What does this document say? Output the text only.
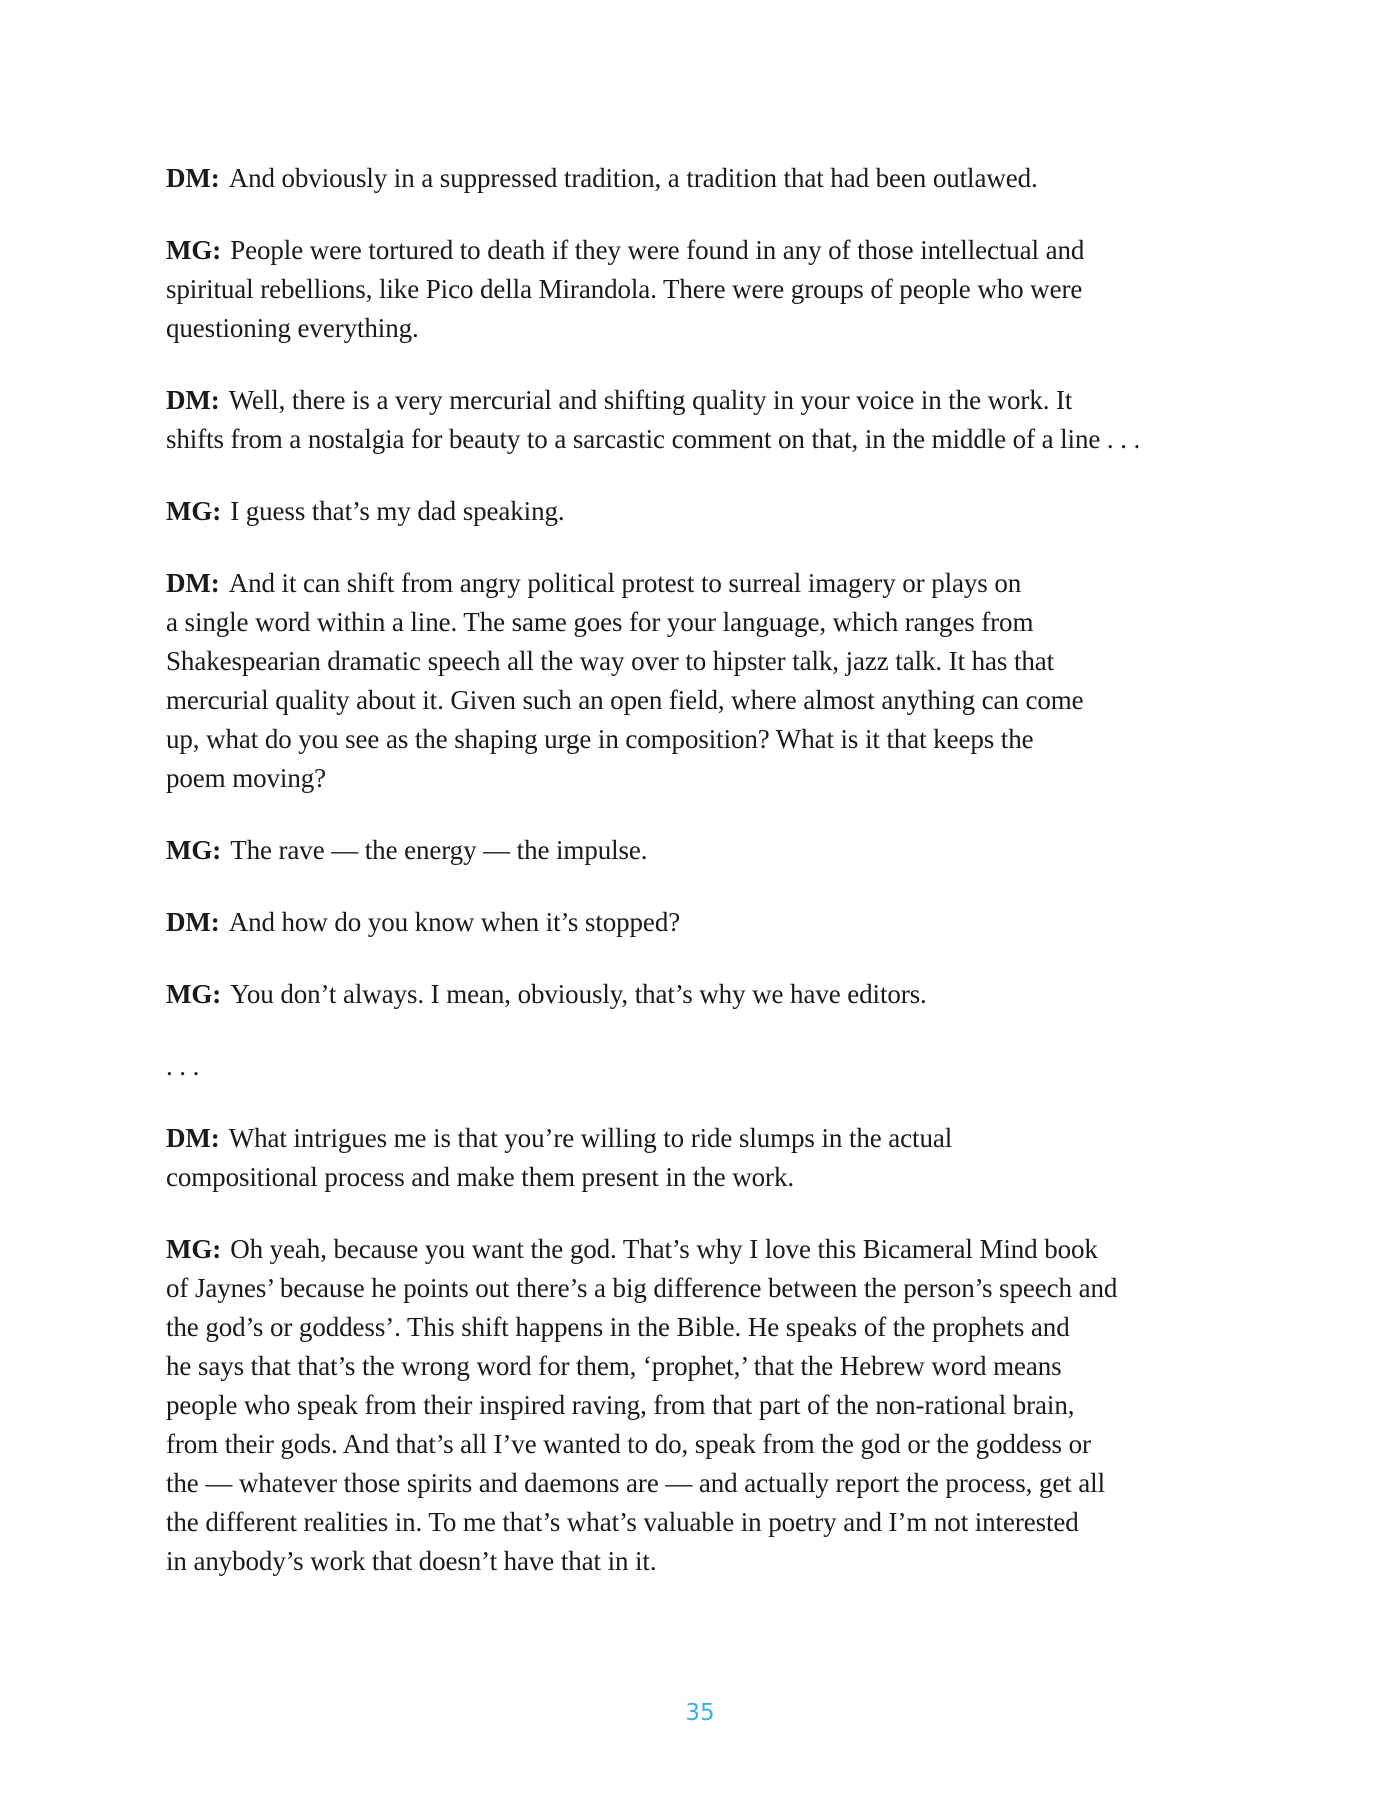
DM: And obviously in a suppressed tradition, a tradition that had been outlawed.
MG: People were tortured to death if they were found in any of those intellectual and
spiritual rebellions, like Pico della Mirandola. There were groups of people who were
questioning everything.
DM: Well, there is a very mercurial and shifting quality in your voice in the work. It
shifts from a nostalgia for beauty to a sarcastic comment on that, in the middle of a line . . .
MG: I guess that’s my dad speaking.
DM: And it can shift from angry political protest to surreal imagery or plays on
a single word within a line. The same goes for your language, which ranges from
Shakespearian dramatic speech all the way over to hipster talk, jazz talk. It has that
mercurial quality about it. Given such an open field, where almost anything can come
up, what do you see as the shaping urge in composition? What is it that keeps the
poem moving?
MG: The rave — the energy — the impulse.
DM: And how do you know when it’s stopped?
MG: You don’t always. I mean, obviously, that’s why we have editors.
. . .
DM: What intrigues me is that you’re willing to ride slumps in the actual
compositional process and make them present in the work.
MG: Oh yeah, because you want the god. That’s why I love this Bicameral Mind book
of Jaynes’ because he points out there’s a big difference between the person’s speech and
the god’s or goddess’. This shift happens in the Bible. He speaks of the prophets and
he says that that’s the wrong word for them, ‘prophet,’ that the Hebrew word means
people who speak from their inspired raving, from that part of the non-rational brain,
from their gods. And that’s all I’ve wanted to do, speak from the god or the goddess or
the — whatever those spirits and daemons are — and actually report the process, get all
the different realities in. To me that’s what’s valuable in poetry and I’m not interested
in anybody’s work that doesn’t have that in it.
35
